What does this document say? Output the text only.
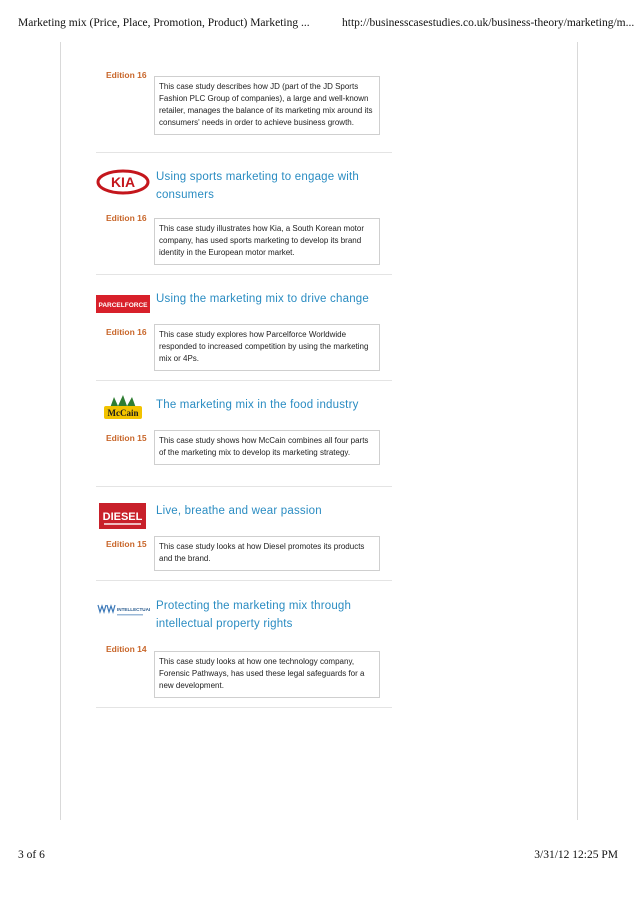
Marketing mix (Price, Place, Promotion, Product) Marketing ...	http://businesscasestudies.co.uk/business-theory/marketing/m...
3 of 6	3/31/12 12:25 PM
Edition 16
This case study describes how JD (part of the JD Sports Fashion PLC Group of companies), a large and well-known retailer, manages the balance of its marketing mix around its consumers' needs in order to achieve business growth.
KIA Using sports marketing to engage with consumers
Edition 16
This case study illustrates how Kia, a South Korean motor company, has used sports marketing to develop its brand identity in the European motor market.
PARCELFORCE
Using the marketing mix to drive change
Edition 16	This case study explores how Parcelforce Worldwide responded to increased competition by using the marketing mix or 4Ps.
McCain
The marketing mix in the food industry
Edition 15	This case study shows how McCain combines all four parts of the marketing mix to develop its marketing strategy.
DIESEL Live, breathe and wear passion
Edition 15	This case study looks at how Diesel promotes its products and the brand.
INTELLECTUAL Protecting the marketing mix through intellectual property rights
Edition 14
This case study looks at how one technology company, Forensic Pathways, has used these legal safeguards for a new development.
